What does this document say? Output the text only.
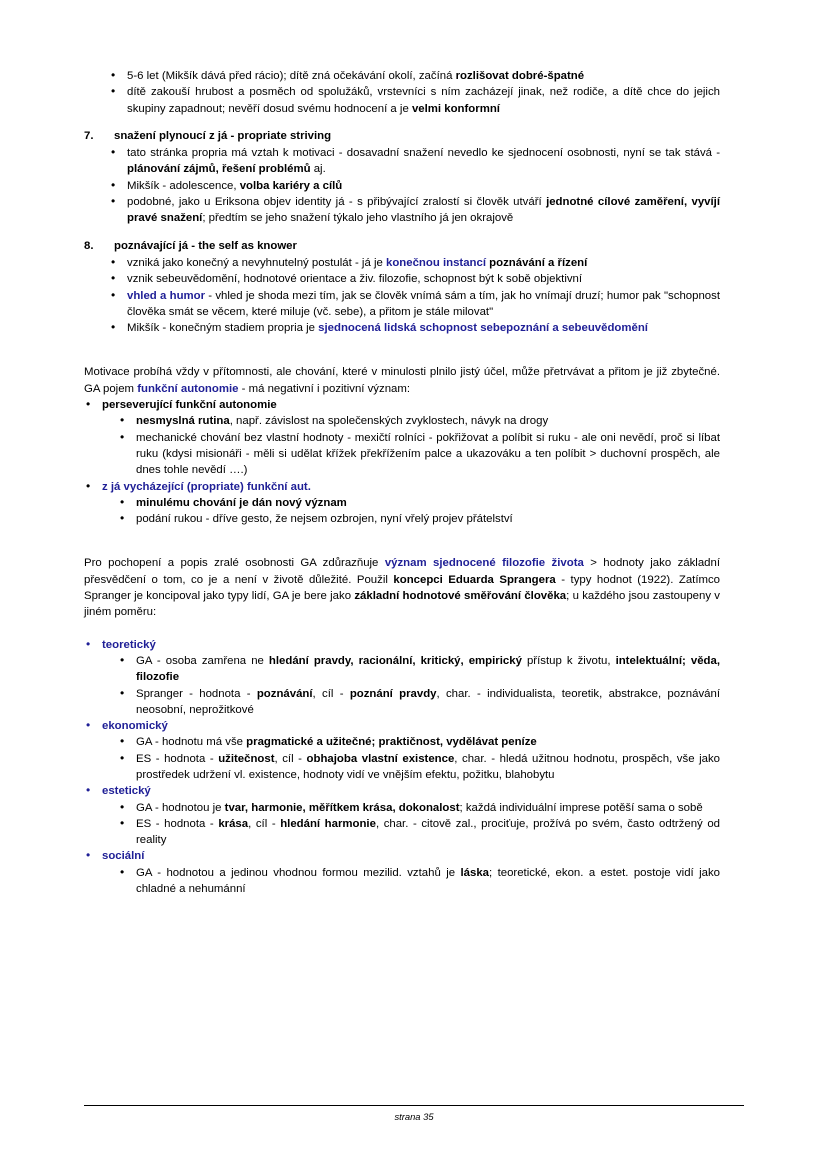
• 5-6 let (Mikšík dává před rácio); dítě zná očekávání okolí, začíná rozlišovat dobré-špatné
• dítě zakouší hrubost a posměch od spolužáků, vrstevníci s ním zacházejí jinak, než rodiče, a dítě chce do jejich skupiny zapadnout; nevěří dosud svému hodnocení a je velmi konformní
7. snažení plynoucí z já - propriate striving
• tato stránka propria má vztah k motivaci - dosavadní snažení nevedlo ke sjednocení osobnosti, nyní se tak stává - plánování zájmů, řešení problémů aj.
• Mikšík - adolescence, volba kariéry a cílů
• podobné, jako u Eriksona objev identity já - s přibývající zralostí si člověk utváří jednotné cílové zaměření, vyvíjí pravé snažení; předtím se jeho snažení týkalo jeho vlastního já jen okrajově
8. poznávající já - the self as knower
• vzniká jako konečný a nevyhnutelný postulát - já je konečnou instancí poznávání a řízení
• vznik sebeuvědomění, hodnotové orientace a živ. filozofie, schopnost být k sobě objektivní
• vhled a humor - vhled je shoda mezi tím, jak se člověk vnímá sám a tím, jak ho vnímají druzí; humor pak "schopnost člověka smát se věcem, které miluje (vč. sebe), a přitom je stále milovat"
• Mikšík - konečným stadiem propria je sjednocená lidská schopnost sebepoznání a sebeuvědomění

Motivace probíhá vždy v přítomnosti, ale chování, které v minulosti plnilo jistý účel, může přetrvávat a přitom je již zbytečné. GA pojem funkční autonomie - má negativní i pozitivní význam:

• perseverující funkční autonomie
• nesmyslná rutina, např. závislost na společenských zvyklostech, návyk na drogy
• mechanické chování bez vlastní hodnoty - mexičtí rolníci - pokřižovat a políbit si ruku - ale oni nevědí, proč si líbat ruku (kdysi misionáři - měli si udělat křížek překřížením palce a ukazováku a ten políbit > duchovní prospěch, ale dnes tohle nevědí ….)
• z já vycházející (propriate) funkční aut.
• minulému chování je dán nový význam
• podání rukou - dříve gesto, že nejsem ozbrojen, nyní vřelý projev přátelství

Pro pochopení a popis zralé osobnosti GA zdůrazňuje význam sjednocené filozofie života > hodnoty jako základní přesvědčení o tom, co je a není v životě důležité. Použil koncepci Eduarda Sprangera - typy hodnot (1922). Zatímco Spranger je koncipoval jako typy lidí, GA je bere jako základní hodnotové směřování člověka; u každého jsou zastoupeny v jiném poměru:

• teoretický
• GA - osoba zamřena ne hledání pravdy, racionální, kritický, empirický přístup k životu, intelektuální; věda, filozofie
• Spranger - hodnota - poznávání, cíl - poznání pravdy, char. - individualista, teoretik, abstrakce, poznávání neosobní, neprožitkové
• ekonomický
• GA - hodnotu má vše pragmatické a užitečné; praktičnost, vydělávat peníze
• ES - hodnota - užitečnost, cíl - obhajoba vlastní existence, char. - hledá užitnou hodnotu, prospěch, vše jako prostředek udržení vl. existence, hodnoty vidí ve vnějším efektu, požitku, blahobytu
• estetický
• GA - hodnotou je tvar, harmonie, měřítkem krása, dokonalost; každá individuální imprese potěší sama o sobě
• ES - hodnota - krása, cíl - hledání harmonie, char. - citově zal., prociťuje, prožívá po svém, často odtržený od reality
• sociální
• GA - hodnotou a jedinou vhodnou formou mezilid. vztahů je láska; teoretické, ekon. a estet. postoje vidí jako chladné a nehumánní
strana 35
